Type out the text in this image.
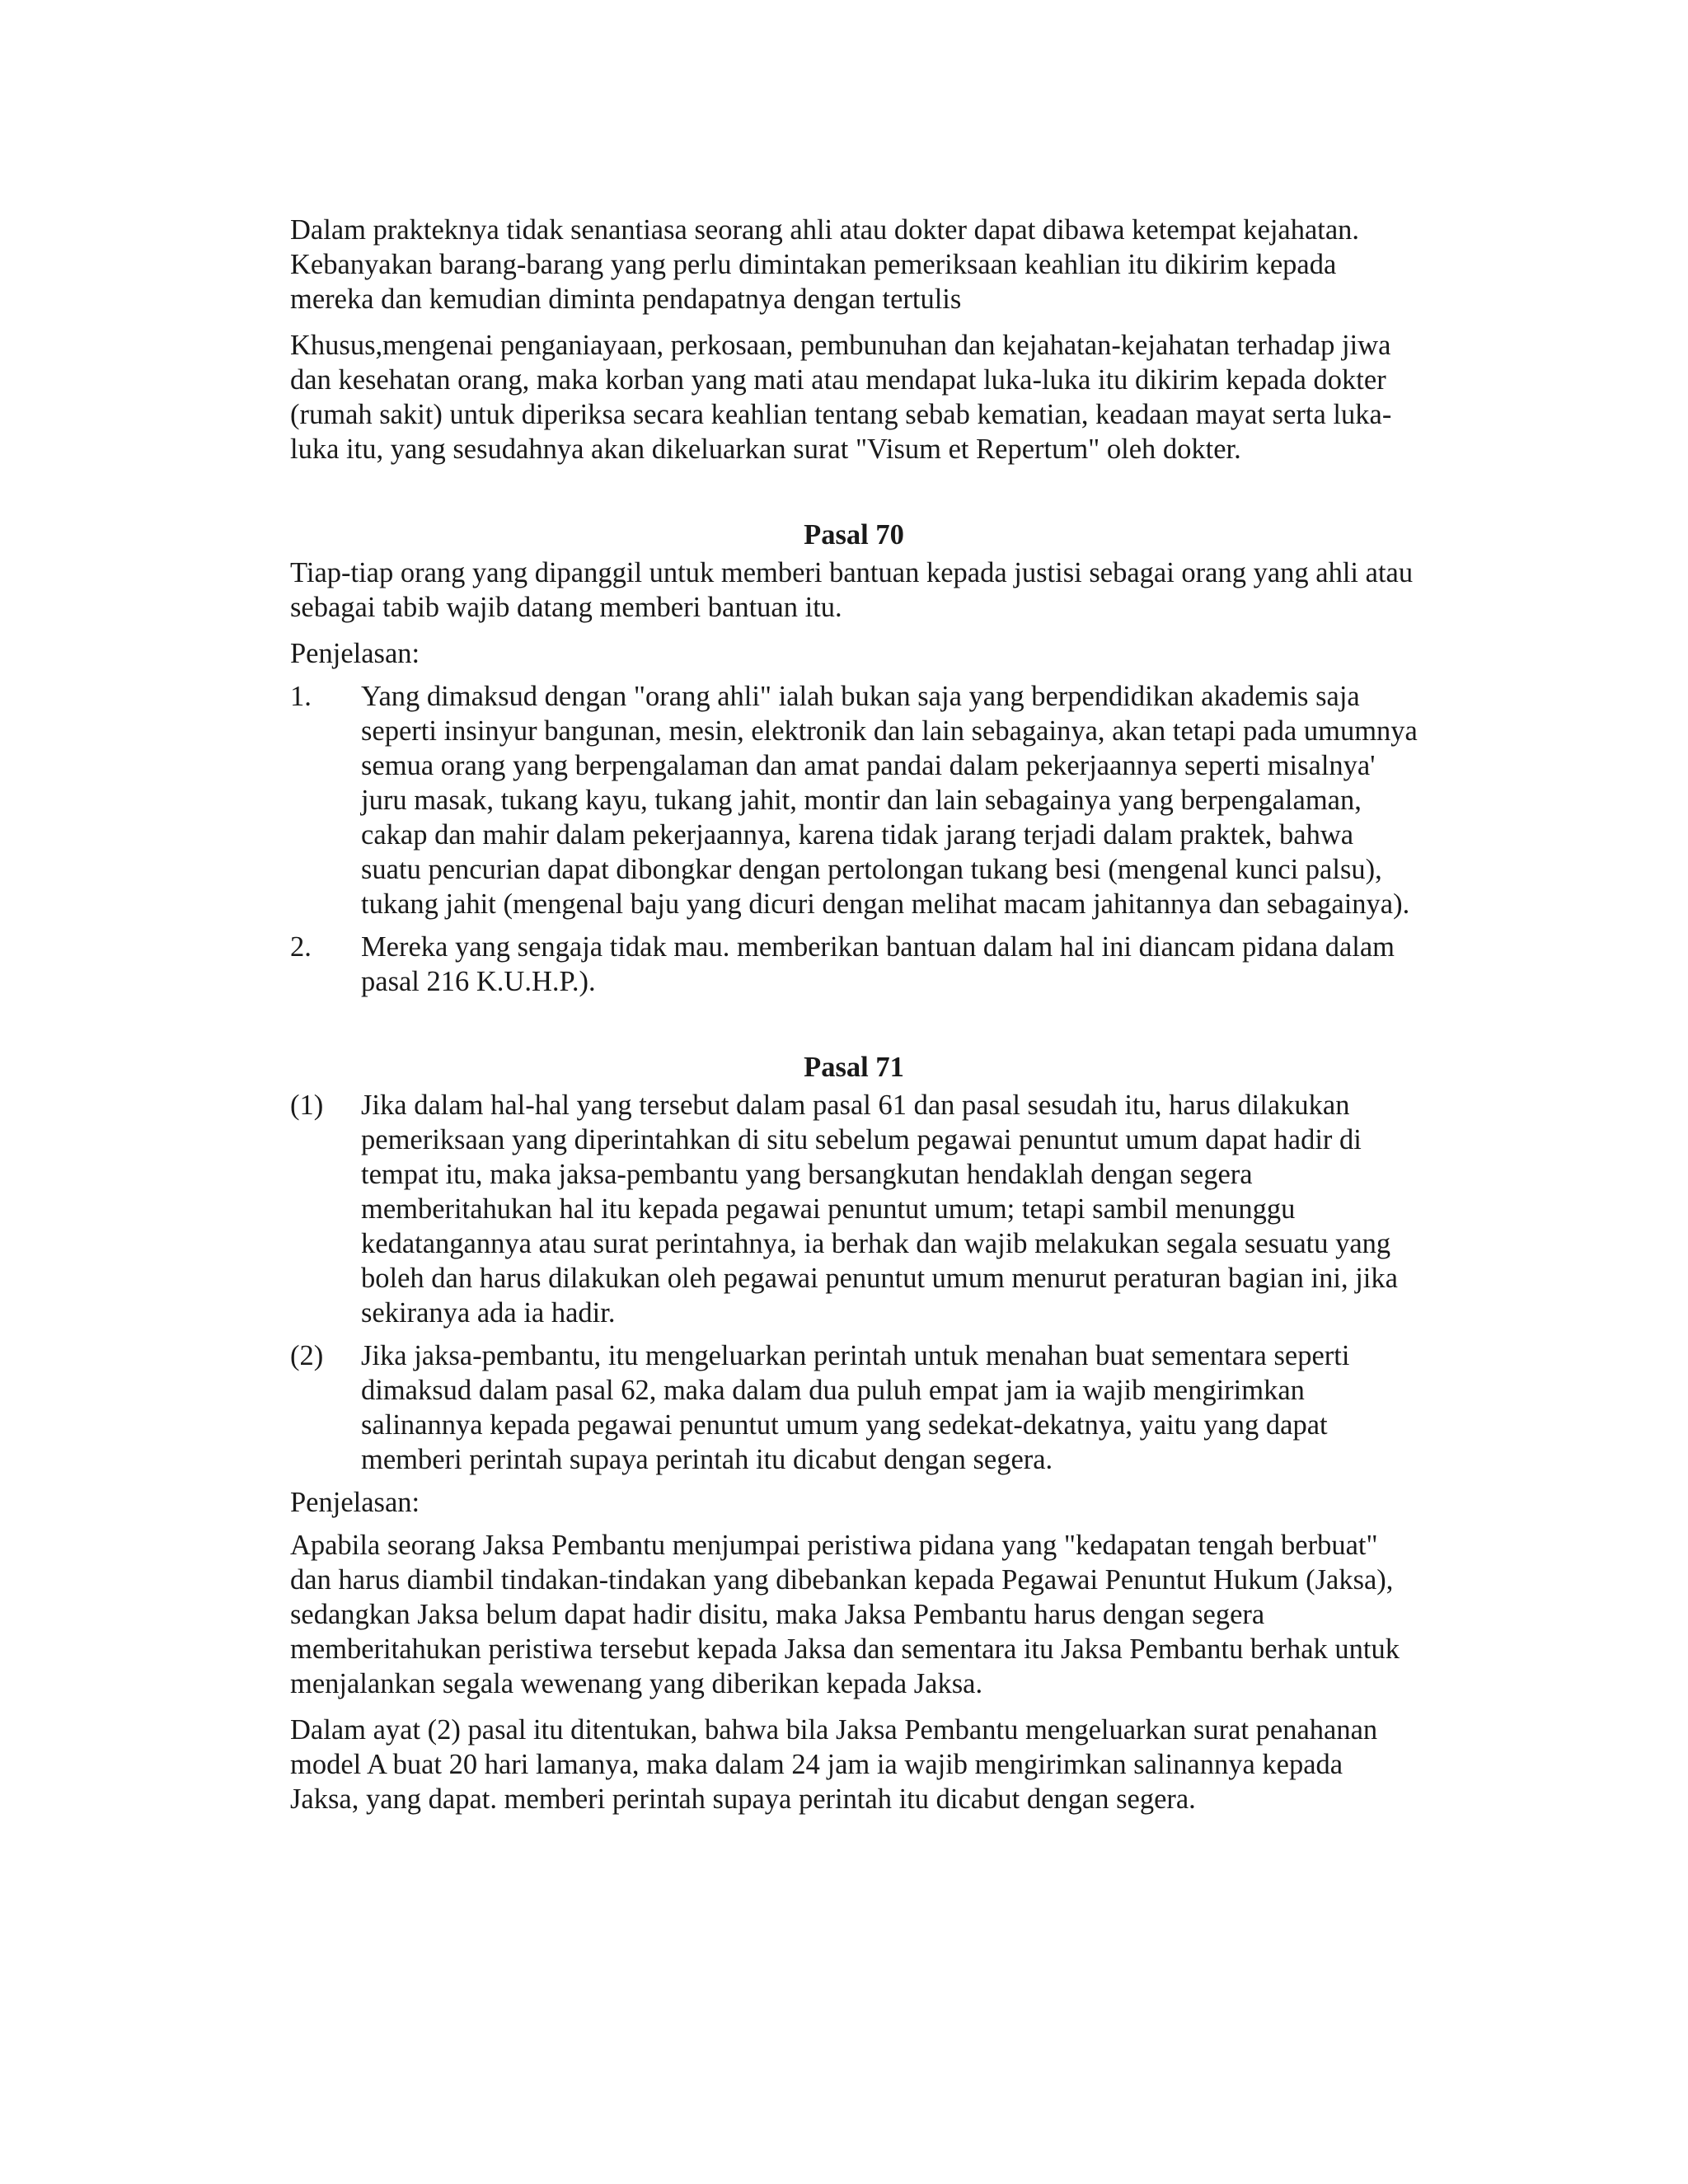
Dalam prakteknya tidak senantiasa seorang ahli atau dokter dapat dibawa ketempat kejahatan. Kebanyakan barang-barang yang perlu dimintakan pemeriksaan keahlian itu dikirim kepada mereka dan kemudian diminta pendapatnya dengan tertulis

Khusus,mengenai penganiayaan, perkosaan, pembunuhan dan kejahatan-kejahatan terhadap jiwa dan kesehatan orang, maka korban yang mati atau mendapat luka-luka itu dikirim kepada dokter (rumah sakit) untuk diperiksa secara keahlian tentang sebab kematian, keadaan mayat serta luka-luka itu, yang sesudahnya akan dikeluarkan surat "Visum et Repertum" oleh dokter.

Pasal 70

Tiap-tiap orang yang dipanggil untuk memberi bantuan kepada justisi sebagai orang yang ahli atau sebagai tabib wajib datang memberi bantuan itu.

Penjelasan:

1.	Yang dimaksud dengan "orang ahli" ialah bukan saja yang berpendidikan akademis saja seperti insinyur bangunan, mesin, elektronik dan lain sebagainya, akan tetapi pada umumnya semua orang yang berpengalaman dan amat pandai dalam pekerjaannya seperti misalnya' juru masak, tukang kayu, tukang jahit, montir dan lain sebagainya yang berpengalaman, cakap dan mahir dalam pekerjaannya, karena tidak jarang terjadi dalam praktek, bahwa suatu pencurian dapat dibongkar dengan pertolongan tukang besi (mengenal kunci palsu), tukang jahit (mengenal baju yang dicuri dengan melihat macam jahitannya dan sebagainya).
2.	Mereka yang sengaja tidak mau. memberikan bantuan dalam hal ini diancam pidana dalam pasal 216 K.U.H.P.).
Pasal 71
(1)	Jika dalam hal-hal yang tersebut dalam pasal 61 dan pasal sesudah itu, harus dilakukan pemeriksaan yang diperintahkan di situ sebelum pegawai penuntut umum dapat hadir di tempat itu, maka jaksa-pembantu yang bersangkutan hendaklah dengan segera memberitahukan hal itu kepada pegawai penuntut umum; tetapi sambil menunggu kedatangannya atau surat perintahnya, ia berhak dan wajib melakukan segala sesuatu yang boleh dan harus dilakukan oleh pegawai penuntut umum menurut peraturan bagian ini, jika sekiranya ada ia hadir.
(2)	Jika jaksa-pembantu, itu mengeluarkan perintah untuk menahan buat sementara seperti dimaksud dalam pasal 62, maka dalam dua puluh empat jam ia wajib mengirimkan salinannya kepada pegawai penuntut umum yang sedekat-dekatnya, yaitu yang dapat memberi perintah supaya perintah itu dicabut dengan segera.

Penjelasan:

Apabila seorang Jaksa Pembantu menjumpai peristiwa pidana yang "kedapatan tengah berbuat" dan harus diambil tindakan-tindakan yang dibebankan kepada Pegawai Penuntut Hukum (Jaksa), sedangkan Jaksa belum dapat hadir disitu, maka Jaksa Pembantu harus dengan segera memberitahukan peristiwa tersebut kepada Jaksa dan sementara itu Jaksa Pembantu berhak untuk menjalankan segala wewenang yang diberikan kepada Jaksa.

Dalam ayat (2) pasal itu ditentukan, bahwa bila Jaksa Pembantu mengeluarkan surat penahanan model A buat 20 hari lamanya, maka dalam 24 jam ia wajib mengirimkan salinannya kepada Jaksa, yang dapat. memberi perintah supaya perintah itu dicabut dengan segera.
